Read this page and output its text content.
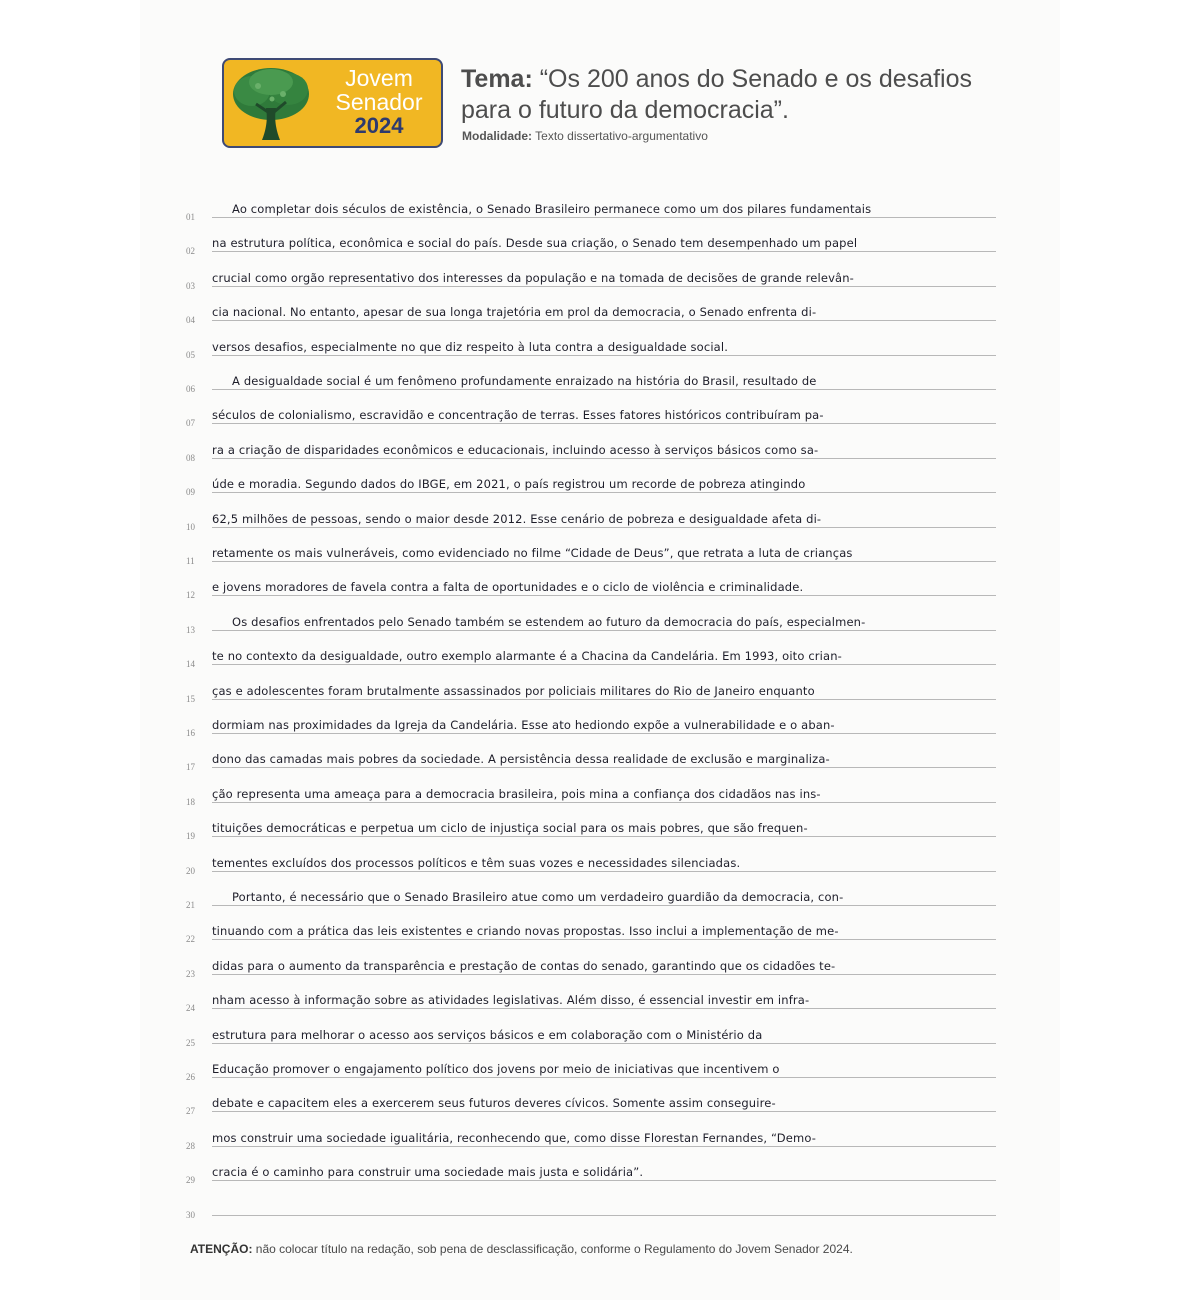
Jovem
Senador
2024
Tema: “Os 200 anos do Senado e os desafios para o futuro da democracia”.
Modalidade: Texto dissertativo-argumentativo
01
Ao completar dois séculos de existência, o Senado Brasileiro permanece como um dos pilares fundamentais
02
na estrutura política, econômica e social do país. Desde sua criação, o Senado tem desempenhado um papel
03
crucial como orgão representativo dos interesses da população e na tomada de decisões de grande relevân-
04
cia nacional. No entanto, apesar de sua longa trajetória em prol da democracia, o Senado enfrenta di-
05
versos desafios, especialmente no que diz respeito à luta contra a desigualdade social.
06
A desigualdade social é um fenômeno profundamente enraizado na história do Brasil, resultado de
07
séculos de colonialismo, escravidão e concentração de terras. Esses fatores históricos contribuíram pa-
08
ra a criação de disparidades econômicos e educacionais, incluindo acesso à serviços básicos como sa-
09
úde e moradia. Segundo dados do IBGE, em 2021, o país registrou um recorde de pobreza atingindo
10
62,5 milhões de pessoas, sendo o maior desde 2012. Esse cenário de pobreza e desigualdade afeta di-
11
retamente os mais vulneráveis, como evidenciado no filme “Cidade de Deus”, que retrata a luta de crianças
12
e jovens moradores de favela contra a falta de oportunidades e o ciclo de violência e criminalidade.
13
Os desafios enfrentados pelo Senado também se estendem ao futuro da democracia do país, especialmen-
14
te no contexto da desigualdade, outro exemplo alarmante é a Chacina da Candelária. Em 1993, oito crian-
15
ças e adolescentes foram brutalmente assassinados por policiais militares do Rio de Janeiro enquanto
16
dormiam nas proximidades da Igreja da Candelária. Esse ato hediondo expõe a vulnerabilidade e o aban-
17
dono das camadas mais pobres da sociedade. A persistência dessa realidade de exclusão e marginaliza-
18
ção representa uma ameaça para a democracia brasileira, pois mina a confiança dos cidadãos nas ins-
19
tituições democráticas e perpetua um ciclo de injustiça social para os mais pobres, que são frequen-
20
tementes excluídos dos processos políticos e têm suas vozes e necessidades silenciadas.
21
Portanto, é necessário que o Senado Brasileiro atue como um verdadeiro guardião da democracia, con-
22
tinuando com a prática das leis existentes e criando novas propostas. Isso inclui a implementação de me-
23
didas para o aumento da transparência e prestação de contas do senado, garantindo que os cidadões te-
24
nham acesso à informação sobre as atividades legislativas. Além disso, é essencial investir em infra-
25
estrutura para melhorar o acesso aos serviços básicos e em colaboração com o Ministério da
26
Educação promover o engajamento político dos jovens por meio de iniciativas que incentivem o
27
debate e capacitem eles a exercerem seus futuros deveres cívicos. Somente assim conseguire-
28
mos construir uma sociedade igualitária, reconhecendo que, como disse Florestan Fernandes, “Demo-
29
cracia é o caminho para construir uma sociedade mais justa e solidária”.
30
ATENÇÃO: não colocar título na redação, sob pena de desclassificação, conforme o Regulamento do Jovem Senador 2024.
